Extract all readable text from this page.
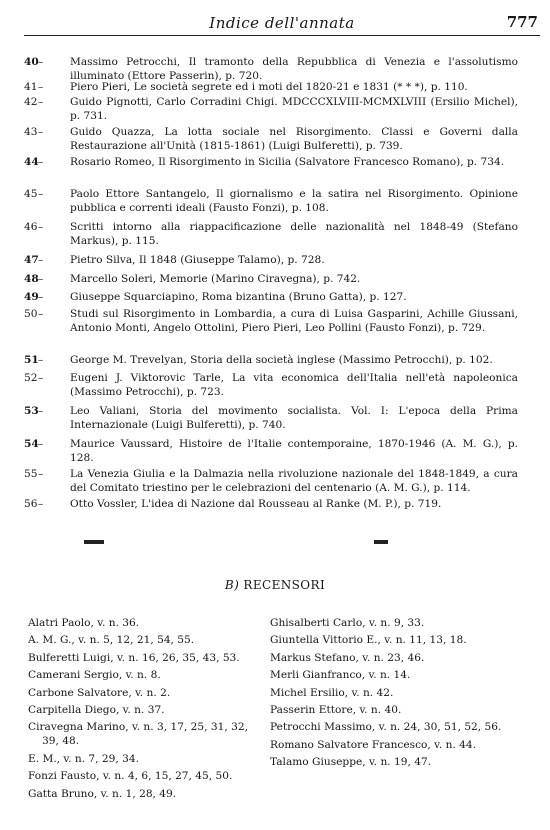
Indice dell'annata	777
40 –	Massimo Petrocchi, Il tramonto della Repubblica di Venezia e l'assolutismo illuminato (Ettore Passerin), p. 720.
41 –	Piero Pieri, Le società segrete ed i moti del 1820-21 e 1831 (* * *), p. 110.
42 –	Guido Pignotti, Carlo Corradini Chigi. MDCCCXLVIII-MCMXLVIII (Ersilio Michel), p. 731.
43 –	Guido Quazza, La lotta sociale nel Risorgimento. Classi e Governi dalla Restaurazione all'Unità (1815-1861) (Luigi Bulferetti), p. 739.
44 –	Rosario Romeo, Il Risorgimento in Sicilia (Salvatore Francesco Romano), p. 734.
45 –	Paolo Ettore Santangelo, Il giornalismo e la satira nel Risorgimento. Opinione pubblica e correnti ideali (Fausto Fonzi), p. 108.
46 –	Scritti intorno alla riappacificazione delle nazionalità nel 1848-49 (Stefano Markus), p. 115.
47 –	Pietro Silva, Il 1848 (Giuseppe Talamo), p. 728.
48 –	Marcello Soleri, Memorie (Marino Ciravegna), p. 742.
49 –	Giuseppe Squarciapino, Roma bizantina (Bruno Gatta), p. 127.
50 –	Studi sul Risorgimento in Lombardia, a cura di Luisa Gasparini, Achille Giussani, Antonio Monti, Angelo Ottolini, Piero Pieri, Leo Pollini (Fausto Fonzi), p. 729.
51 –	George M. Trevelyan, Storia della società inglese (Massimo Petrocchi), p. 102.
52 –	Eugeni J. Viktorovic Tarle, La vita economica dell'Italia nell'età napoleonica (Massimo Petrocchi), p. 723.
53 –	Leo Valiani, Storia del movimento socialista. Vol. I: L'epoca della Prima Internazionale (Luigi Bulferetti), p. 740.
54 –	Maurice Vaussard, Histoire de l'Italie contemporaine, 1870-1946 (A. M. G.), p. 128.
55 –	La Venezia Giulia e la Dalmazia nella rivoluzione nazionale del 1848-1849, a cura del Comitato triestino per le celebrazioni del centenario (A. M. G.), p. 114.
56 –	Otto Vossler, L'idea di Nazione dal Rousseau al Ranke (M. P.), p. 719.
B) RECENSORI
Alatri Paolo, v. n. 36.
A. M. G., v. n. 5, 12, 21, 54, 55.
Bulferetti Luigi, v. n. 16, 26, 35, 43, 53.
Camerani Sergio, v. n. 8.
Carbone Salvatore, v. n. 2.
Carpitella Diego, v. n. 37.
Ciravegna Marino, v. n. 3, 17, 25, 31, 32, 39, 48.
E. M., v. n. 7, 29, 34.
Fonzi Fausto, v. n. 4, 6, 15, 27, 45, 50.
Gatta Bruno, v. n. 1, 28, 49.
Ghisalberti Carlo, v. n. 9, 33.
Giuntella Vittorio E., v. n. 11, 13, 18.
Markus Stefano, v. n. 23, 46.
Merli Gianfranco, v. n. 14.
Michel Ersilio, v. n. 42.
Passerin Ettore, v. n. 40.
Petrocchi Massimo, v. n. 24, 30, 51, 52, 56.
Romano Salvatore Francesco, v. n. 44.
Talamo Giuseppe, v. n. 19, 47.
